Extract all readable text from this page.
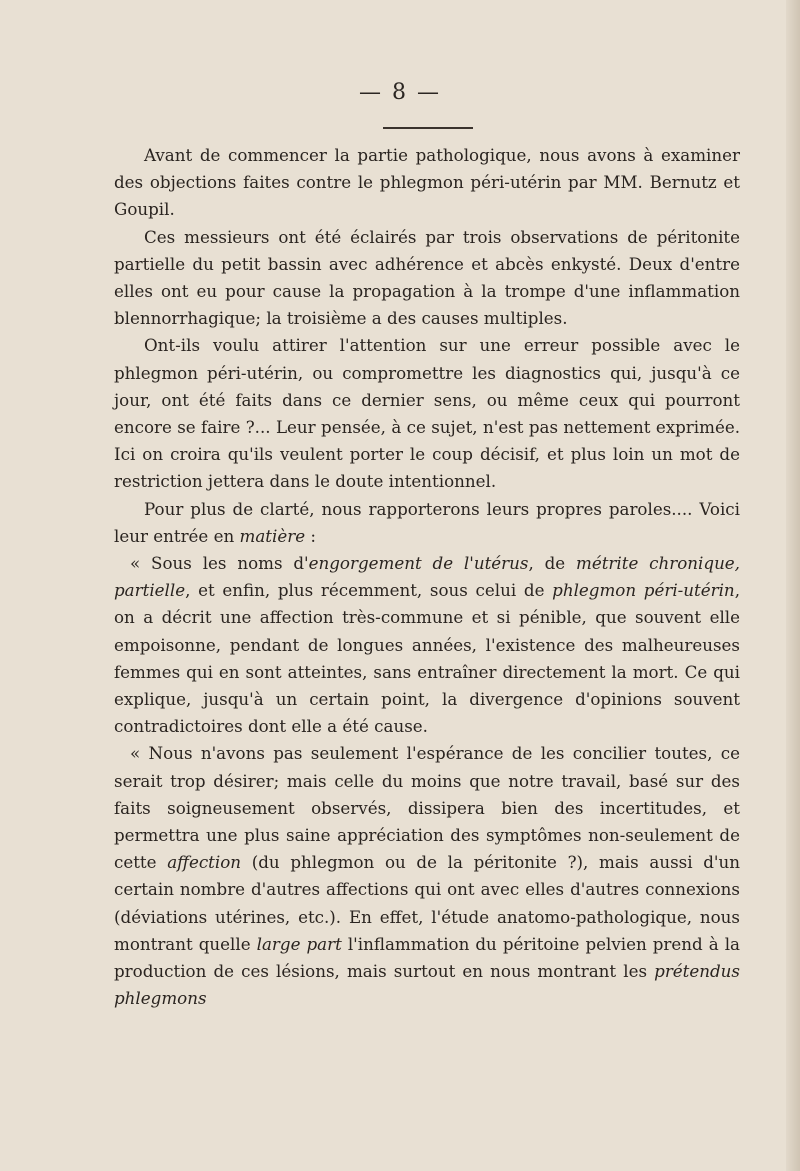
— 8 —

Avant de commencer la partie pathologique, nous avons à examiner des objections faites contre le phlegmon péri-utérin par MM. Bernutz et Goupil.

Ces messieurs ont été éclairés par trois observations de péritonite partielle du petit bassin avec adhérence et abcès enkysté. Deux d'entre elles ont eu pour cause la propagation à la trompe d'une inflammation blennorrhagique; la troisième a des causes multiples.

Ont-ils voulu attirer l'attention sur une erreur possible avec le phlegmon péri-utérin, ou compromettre les diagnostics qui, jusqu'à ce jour, ont été faits dans ce dernier sens, ou même ceux qui pourront encore se faire ?... Leur pensée, à ce sujet, n'est pas nettement exprimée. Ici on croira qu'ils veulent porter le coup décisif, et plus loin un mot de restriction jettera dans le doute intentionnel.

Pour plus de clarté, nous rapporterons leurs propres paroles.... Voici leur entrée en matière :

« Sous les noms d'engorgement de l'utérus, de métrite chronique, partielle, et enfin, plus récemment, sous celui de phlegmon péri-utérin, on a décrit une affection très-commune et si pénible, que souvent elle empoisonne, pendant de longues années, l'existence des malheureuses femmes qui en sont atteintes, sans entraîner directement la mort. Ce qui explique, jusqu'à un certain point, la divergence d'opinions souvent contradictoires dont elle a été cause.

« Nous n'avons pas seulement l'espérance de les concilier toutes, ce serait trop désirer; mais celle du moins que notre travail, basé sur des faits soigneusement observés, dissipera bien des incertitudes, et permettra une plus saine appréciation des symptômes non-seulement de cette affection (du phlegmon ou de la péritonite ?), mais aussi d'un certain nombre d'autres affections qui ont avec elles d'autres connexions (déviations utérines, etc.). En effet, l'étude anatomo-pathologique, nous montrant quelle large part l'inflammation du péritoine pelvien prend à la production de ces lésions, mais surtout en nous montrant les prétendus phlegmons
